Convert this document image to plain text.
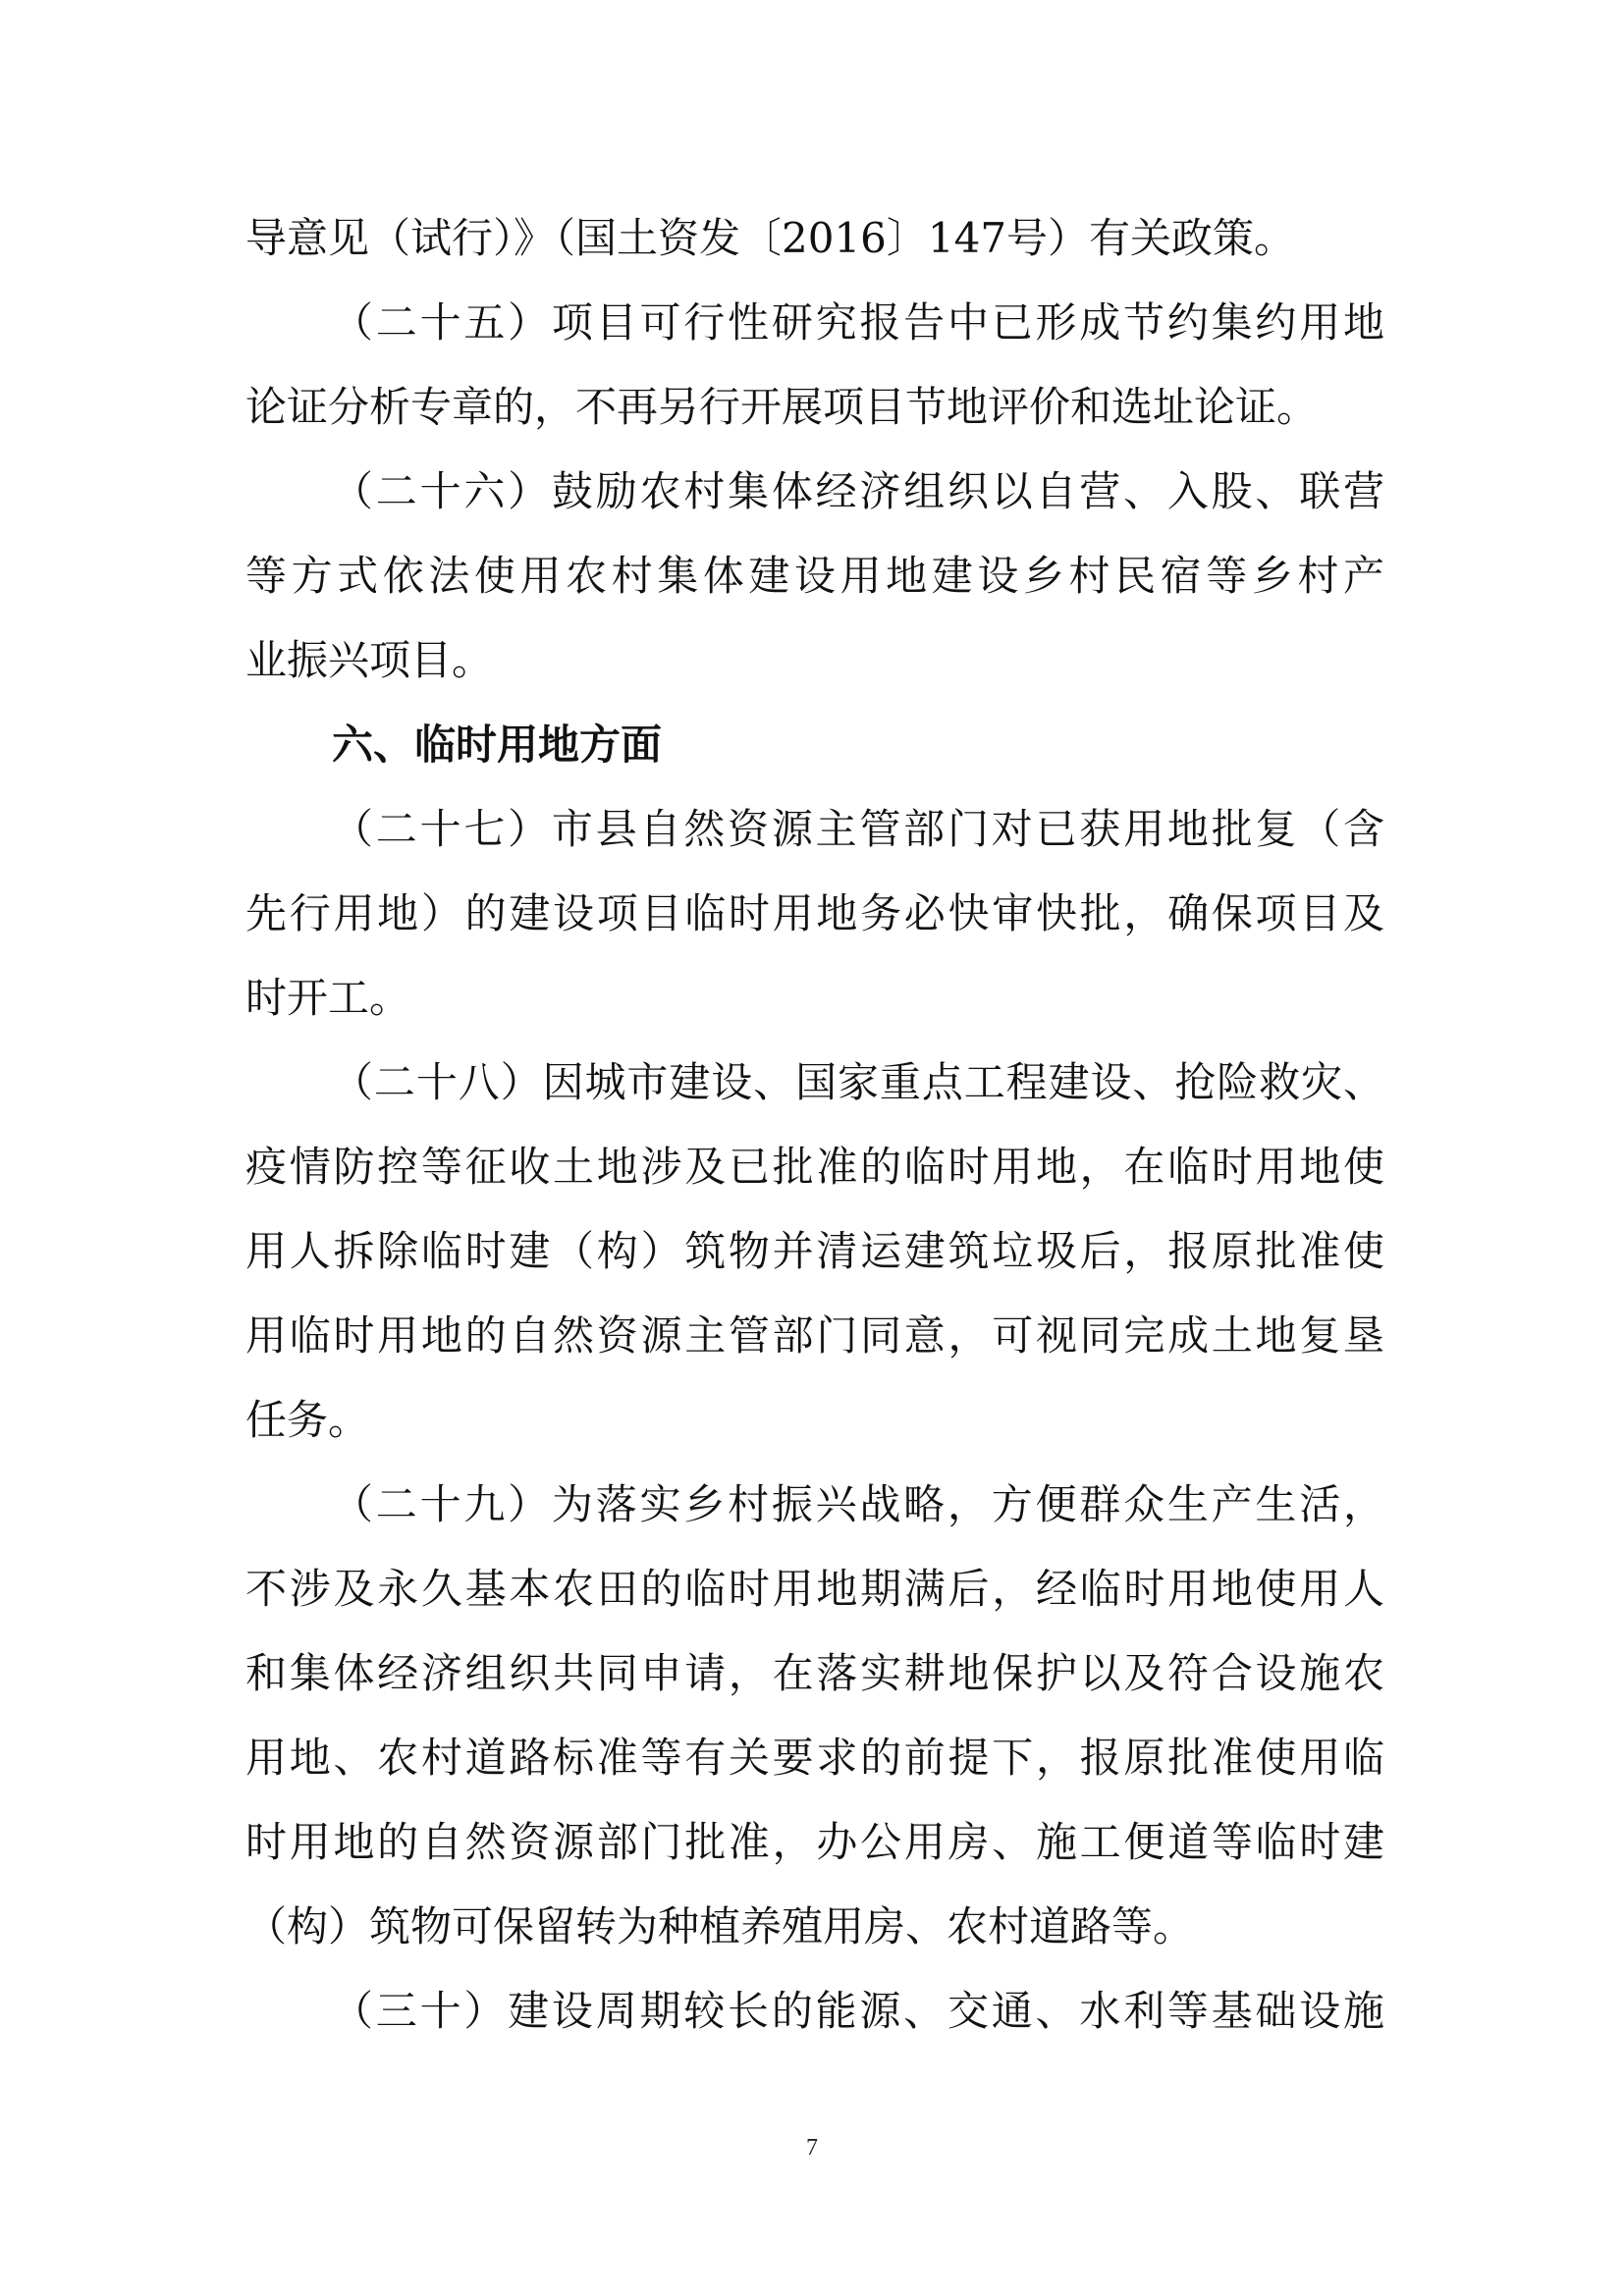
导意见（试行）》（国土资发〔2016〕147号）有关政策。
（二十五）项目可行性研究报告中已形成节约集约用地
论证分析专章的，不再另行开展项目节地评价和选址论证。
（二十六）鼓励农村集体经济组织以自营、入股、联营
等方式依法使用农村集体建设用地建设乡村民宿等乡村产
业振兴项目。
六、临时用地方面
（二十七）市县自然资源主管部门对已获用地批复（含
先行用地）的建设项目临时用地务必快审快批，确保项目及
时开工。
（二十八）因城市建设、国家重点工程建设、抢险救灾、
疫情防控等征收土地涉及已批准的临时用地，在临时用地使
用人拆除临时建（构）筑物并清运建筑垃圾后，报原批准使
用临时用地的自然资源主管部门同意，可视同完成土地复垦
任务。
（二十九）为落实乡村振兴战略，方便群众生产生活，
不涉及永久基本农田的临时用地期满后，经临时用地使用人
和集体经济组织共同申请，在落实耕地保护以及符合设施农
用地、农村道路标准等有关要求的前提下，报原批准使用临
时用地的自然资源部门批准，办公用房、施工便道等临时建
（构）筑物可保留转为种植养殖用房、农村道路等。
（三十）建设周期较长的能源、交通、水利等基础设施
7
